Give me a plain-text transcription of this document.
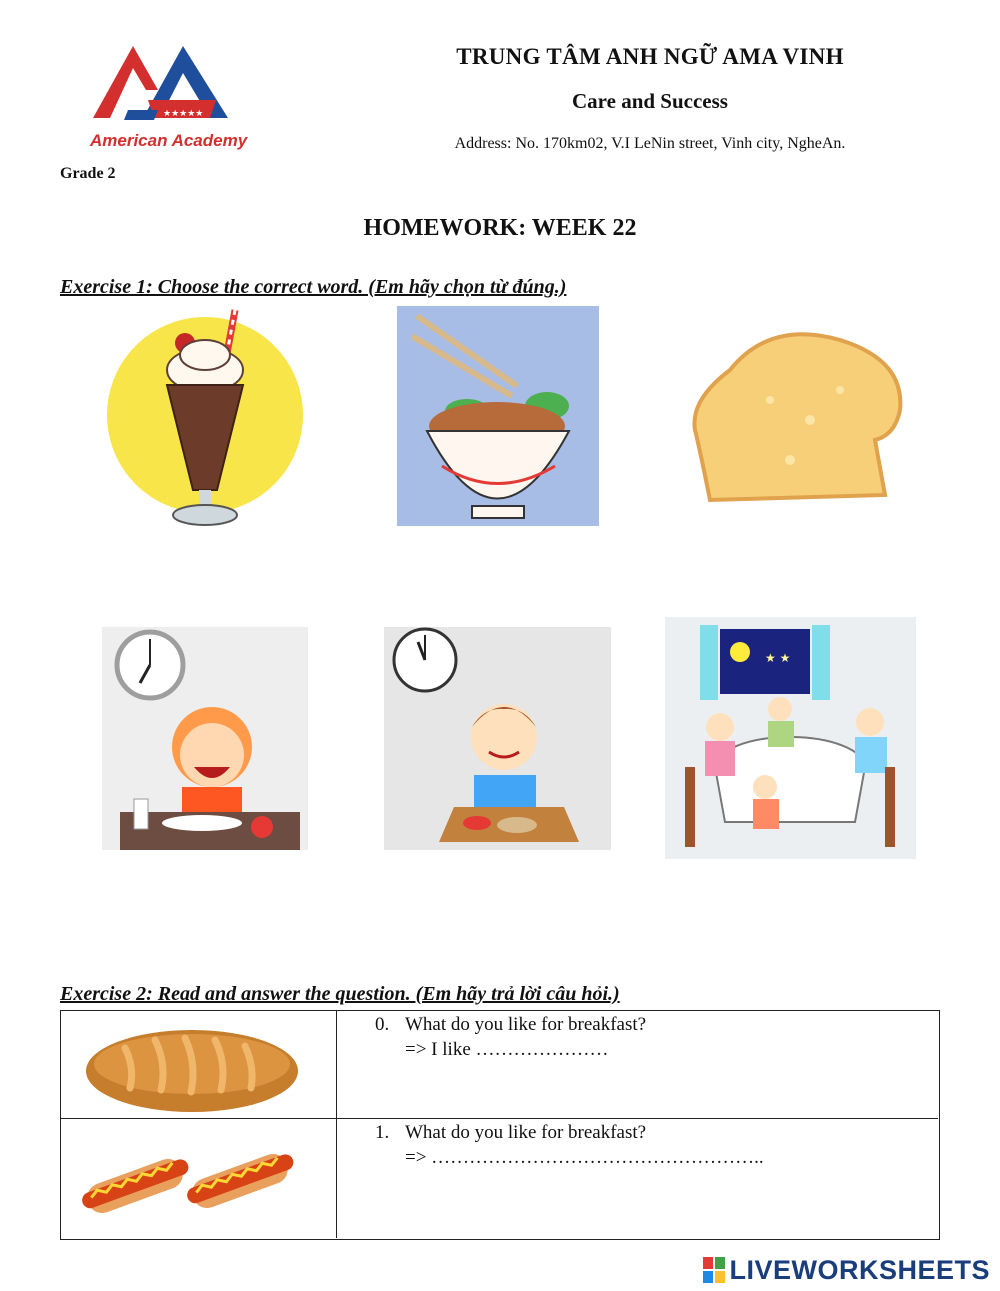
★★★★★
American Academy
TRUNG TÂM ANH NGỮ AMA VINH
Care and Success
Address: No. 170km02, V.I LeNin street, Vinh city, NgheAn.
Grade 2
HOMEWORK: WEEK 22
Exercise 1: Choose the correct word. (Em hãy chọn từ đúng.)
★ ★
Exercise 2: Read and answer the question. (Em hãy trả lời câu hỏi.)
0. What do you like for breakfast?
=> I like …………………
1. What do you like for breakfast?
=> ……………………………………………..
LIVEWORKSHEETS
